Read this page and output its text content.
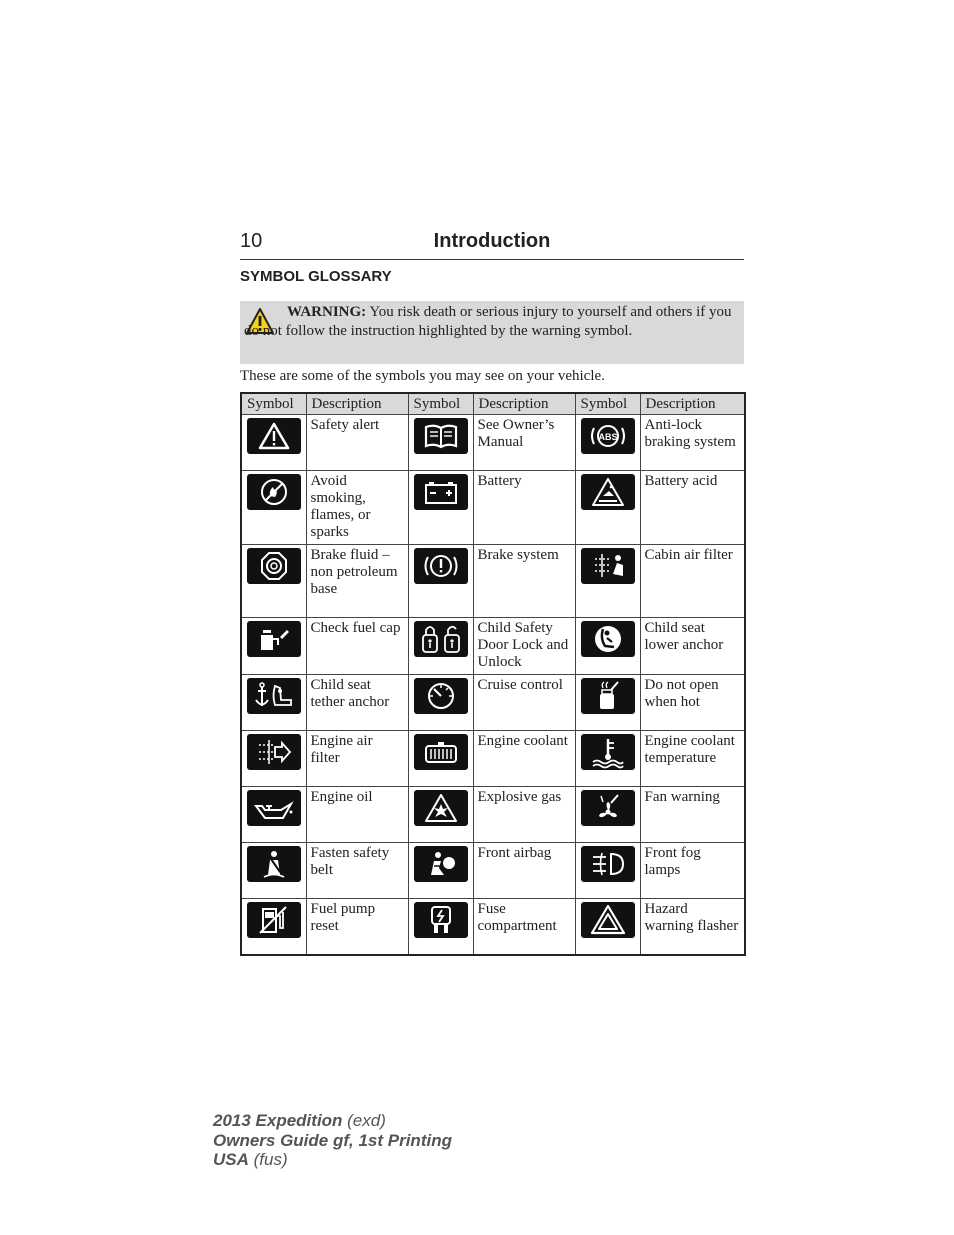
10	Introduction
SYMBOL GLOSSARY
WARNING: You risk death or serious injury to yourself and others if you do not follow the instruction highlighted by the warning symbol.
These are some of the symbols you may see on your vehicle.
Symbol	Description	Symbol	Description	Symbol	Description

	Safety alert		See Owner’s Manual	ABS	Anti-lock braking system

	Avoid smoking, flames, or sparks		Battery		Battery acid

	Brake fluid – non petroleum base		Brake system		Cabin air filter

	Check fuel cap		Child Safety Door Lock and Unlock		Child seat lower anchor

	Child seat tether anchor		Cruise control		Do not open when hot

	Engine air filter		Engine coolant		Engine coolant temperature

	Engine oil		Explosive gas		Fan warning

	Fasten safety belt		Front airbag		Front fog lamps

	Fuel pump reset		Fuse compartment		Hazard warning flasher
2013 Expedition (exd)
Owners Guide gf, 1st Printing
USA (fus)
